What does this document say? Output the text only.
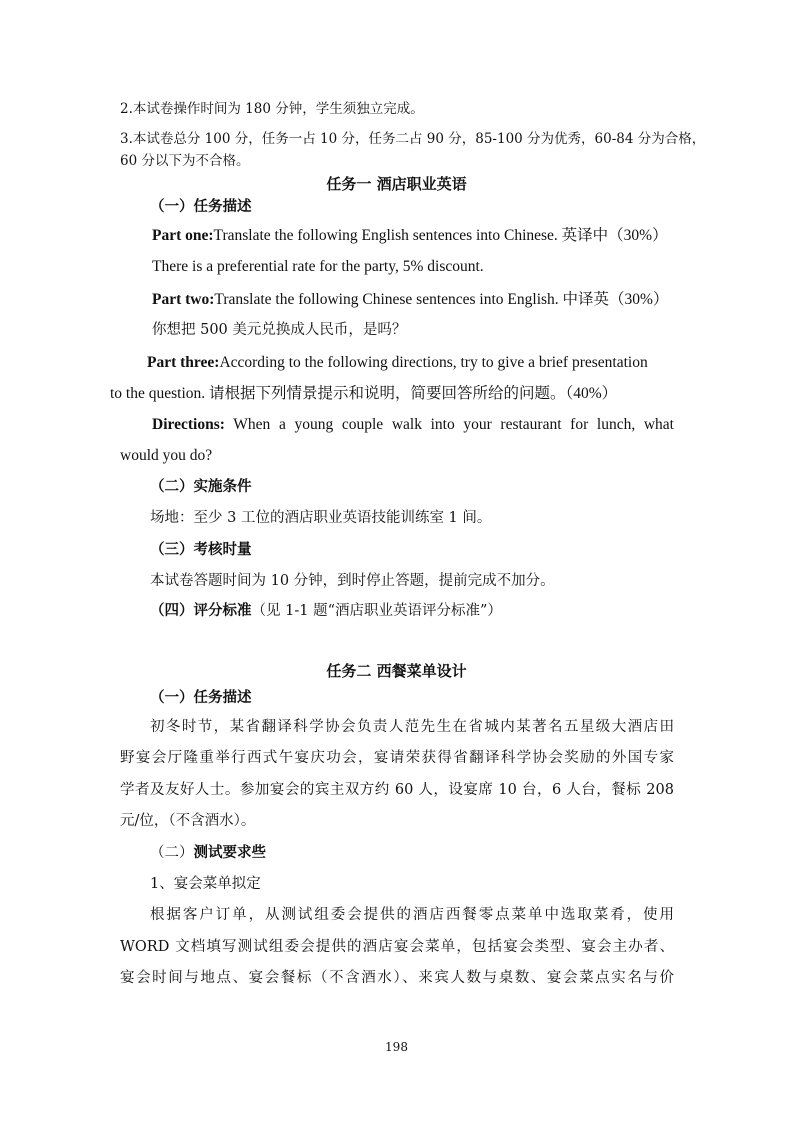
2.本试卷操作时间为 180 分钟，学生须独立完成。
3.本试卷总分 100 分，任务一占 10 分，任务二占 90 分，85-100 分为优秀，60-84 分为合格，
60 分以下为不合格。
任务一 酒店职业英语
（一）任务描述
Part one:Translate the following English sentences into Chinese. 英译中（30%）
There is a preferential rate for the party, 5% discount.
Part two:Translate the following Chinese sentences into English. 中译英（30%）
你想把 500 美元兑换成人民币，是吗？
Part three:According to the following directions, try to give a brief presentation
to the question. 请根据下列情景提示和说明，简要回答所给的问题。（40%）
Directions: When a young couple walk into your restaurant for lunch, what
would you do?
（二）实施条件
场地：至少 3 工位的酒店职业英语技能训练室 1 间。
（三）考核时量
本试卷答题时间为 10 分钟，到时停止答题，提前完成不加分。
（四）评分标准（见 1-1 题“酒店职业英语评分标准”）
任务二 西餐菜单设计
（一）任务描述
初冬时节，某省翻译科学协会负责人范先生在省城内某著名五星级大酒店田
野宴会厅隆重举行西式午宴庆功会，宴请荣获得省翻译科学协会奖励的外国专家
学者及友好人士。参加宴会的宾主双方约 60 人，设宴席 10 台，6 人台，餐标 208
元/位，（不含酒水）。
（二）测试要求些
1、宴会菜单拟定
根据客户订单，从测试组委会提供的酒店西餐零点菜单中选取菜肴，使用
WORD 文档填写测试组委会提供的酒店宴会菜单，包括宴会类型、宴会主办者、
宴会时间与地点、宴会餐标（不含酒水）、来宾人数与桌数、宴会菜点实名与价
198
